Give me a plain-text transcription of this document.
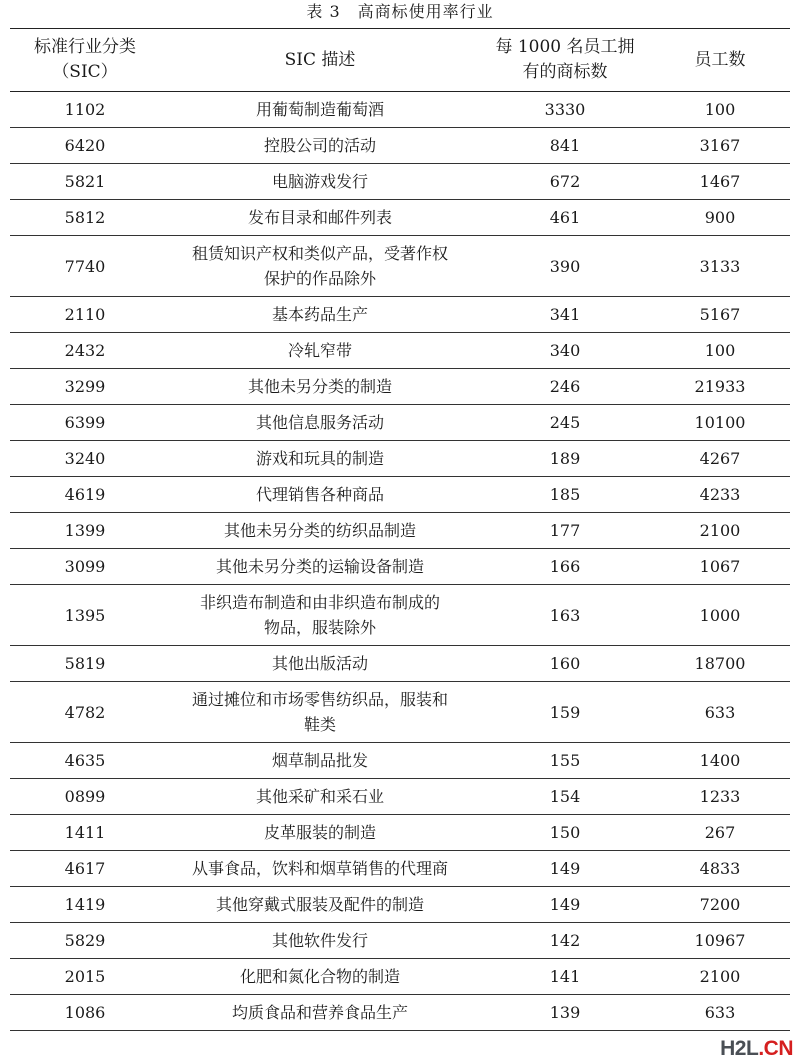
表 3　高商标使用率行业
标准行业分类
（SIC）	SIC 描述	每 1000 名员工拥
有的商标数	员工数
1102	用葡萄制造葡萄酒	3330	100
6420	控股公司的活动	841	3167
5821	电脑游戏发行	672	1467
5812	发布目录和邮件列表	461	900
7740	租赁知识产权和类似产品，受著作权
保护的作品除外	390	3133
2110	基本药品生产	341	5167
2432	冷轧窄带	340	100
3299	其他未另分类的制造	246	21933
6399	其他信息服务活动	245	10100
3240	游戏和玩具的制造	189	4267
4619	代理销售各种商品	185	4233
1399	其他未另分类的纺织品制造	177	2100
3099	其他未另分类的运输设备制造	166	1067
1395	非织造布制造和由非织造布制成的
物品，服装除外	163	1000
5819	其他出版活动	160	18700
4782	通过摊位和市场零售纺织品，服装和
鞋类	159	633
4635	烟草制品批发	155	1400
0899	其他采矿和采石业	154	1233
1411	皮革服装的制造	150	267
4617	从事食品，饮料和烟草销售的代理商	149	4833
1419	其他穿戴式服装及配件的制造	149	7200
5829	其他软件发行	142	10967
2015	化肥和氮化合物的制造	141	2100
1086	均质食品和营养食品生产	139	633
H2L.CN
